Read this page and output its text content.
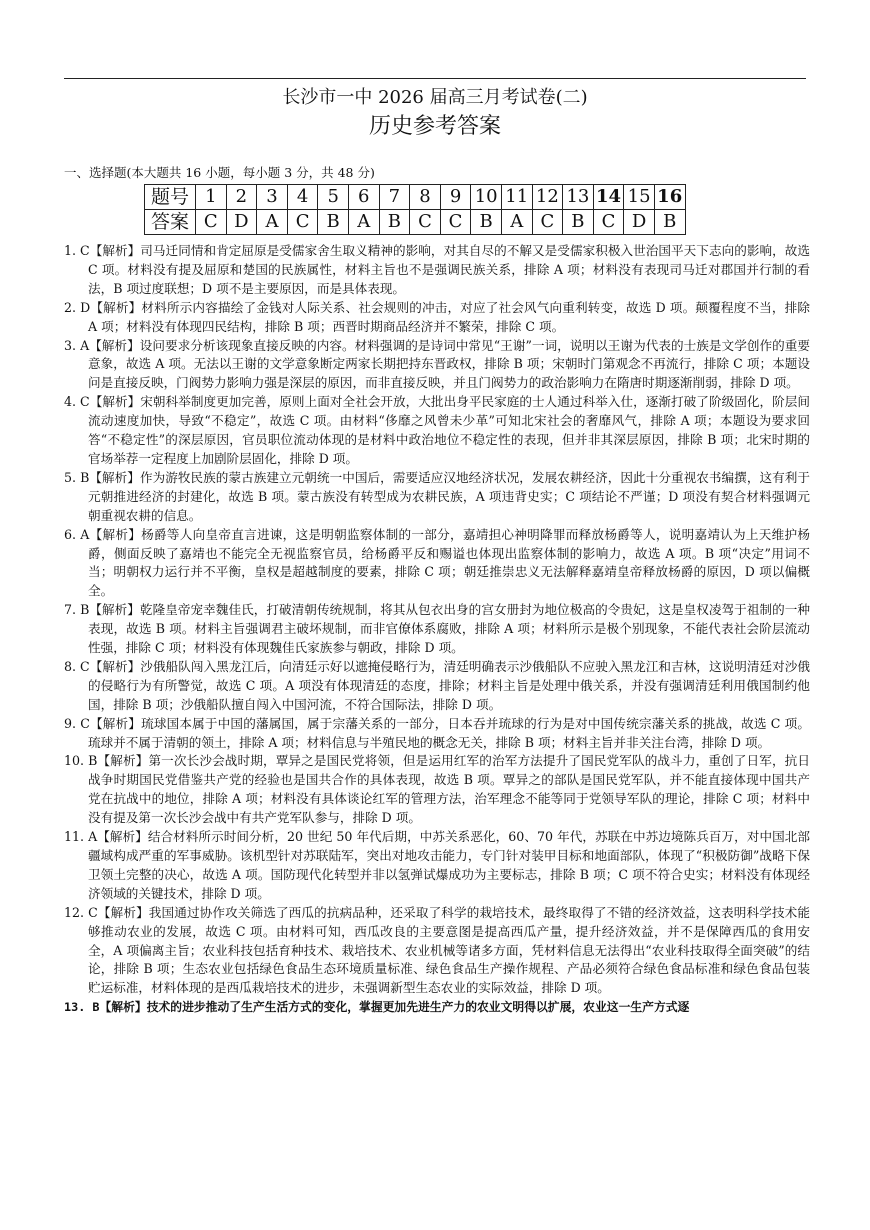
长沙市一中 2026 届高三月考试卷(二)
历史参考答案
一、选择题(本大题共 16 小题，每小题 3 分，共 48 分)
题号	1	2	3	4	5	6	7	8	9	10	11	12	13	14	15	16
答案	C	D	A	C	B	A	B	C	C	B	A	C	B	C	D	B

1. C【解析】司马迁同情和肯定屈原是受儒家舍生取义精神的影响，对其自尽的不解又是受儒家积极入世治国平天下志向的影响，故选 C 项。材料没有提及屈原和楚国的民族属性，材料主旨也不是强调民族关系，排除 A 项；材料没有表现司马迁对郡国并行制的看法，B 项过度联想；D 项不是主要原因，而是具体表现。

2. D【解析】材料所示内容描绘了金钱对人际关系、社会规则的冲击，对应了社会风气向重利转变，故选 D 项。颠覆程度不当，排除 A 项；材料没有体现四民结构，排除 B 项；西晋时期商品经济并不繁荣，排除 C 项。

3. A【解析】设问要求分析该现象直接反映的内容。材料强调的是诗词中常见“王谢”一词，说明以王谢为代表的士族是文学创作的重要意象，故选 A 项。无法以王谢的文学意象断定两家长期把持东晋政权，排除 B 项；宋朝时门第观念不再流行，排除 C 项；本题设问是直接反映，门阀势力影响力强是深层的原因，而非直接反映，并且门阀势力的政治影响力在隋唐时期逐渐削弱，排除 D 项。

4. C【解析】宋朝科举制度更加完善，原则上面对全社会开放，大批出身平民家庭的士人通过科举入仕，逐渐打破了阶级固化，阶层间流动速度加快，导致“不稳定”，故选 C 项。由材料“侈靡之风曾未少革”可知北宋社会的奢靡风气，排除 A 项；本题设为要求回答“不稳定性”的深层原因，官员职位流动体现的是材料中政治地位不稳定性的表现，但并非其深层原因，排除 B 项；北宋时期的官场举荐一定程度上加剧阶层固化，排除 D 项。

5. B【解析】作为游牧民族的蒙古族建立元朝统一中国后，需要适应汉地经济状况，发展农耕经济，因此十分重视农书编撰，这有利于元朝推进经济的封建化，故选 B 项。蒙古族没有转型成为农耕民族，A 项违背史实；C 项结论不严谨；D 项没有契合材料强调元朝重视农耕的信息。

6. A【解析】杨爵等人向皇帝直言进谏，这是明朝监察体制的一部分，嘉靖担心神明降罪而释放杨爵等人，说明嘉靖认为上天维护杨爵，侧面反映了嘉靖也不能完全无视监察官员，给杨爵平反和赐谥也体现出监察体制的影响力，故选 A 项。B 项“决定”用词不当；明朝权力运行并不平衡，皇权是超越制度的要素，排除 C 项；朝廷推崇忠义无法解释嘉靖皇帝释放杨爵的原因，D 项以偏概全。

7. B【解析】乾隆皇帝宠幸魏佳氏，打破清朝传统规制，将其从包衣出身的宫女册封为地位极高的令贵妃，这是皇权凌驾于祖制的一种表现，故选 B 项。材料主旨强调君主破坏规制，而非官僚体系腐败，排除 A 项；材料所示是极个别现象，不能代表社会阶层流动性强，排除 C 项；材料没有体现魏佳氏家族参与朝政，排除 D 项。

8. C【解析】沙俄船队闯入黑龙江后，向清廷示好以遮掩侵略行为，清廷明确表示沙俄船队不应驶入黑龙江和吉林，这说明清廷对沙俄的侵略行为有所警觉，故选 C 项。A 项没有体现清廷的态度，排除；材料主旨是处理中俄关系，并没有强调清廷利用俄国制约他国，排除 B 项；沙俄船队擅自闯入中国河流，不符合国际法，排除 D 项。

9. C【解析】琉球国本属于中国的藩属国，属于宗藩关系的一部分，日本吞并琉球的行为是对中国传统宗藩关系的挑战，故选 C 项。琉球并不属于清朝的领土，排除 A 项；材料信息与半殖民地的概念无关，排除 B 项；材料主旨并非关注台湾，排除 D 项。

10. B【解析】第一次长沙会战时期，覃异之是国民党将领，但是运用红军的治军方法提升了国民党军队的战斗力，重创了日军，抗日战争时期国民党借鉴共产党的经验也是国共合作的具体表现，故选 B 项。覃异之的部队是国民党军队，并不能直接体现中国共产党在抗战中的地位，排除 A 项；材料没有具体谈论红军的管理方法，治军理念不能等同于党领导军队的理论，排除 C 项；材料中没有提及第一次长沙会战中有共产党军队参与，排除 D 项。

11. A【解析】结合材料所示时间分析，20 世纪 50 年代后期，中苏关系恶化，60、70 年代，苏联在中苏边境陈兵百万，对中国北部疆域构成严重的军事威胁。该机型针对苏联陆军，突出对地攻击能力，专门针对装甲目标和地面部队，体现了“积极防御”战略下保卫领土完整的决心，故选 A 项。国防现代化转型并非以氢弹试爆成功为主要标志，排除 B 项；C 项不符合史实；材料没有体现经济领域的关键技术，排除 D 项。

12. C【解析】我国通过协作攻关筛选了西瓜的抗病品种，还采取了科学的栽培技术，最终取得了不错的经济效益，这表明科学技术能够推动农业的发展，故选 C 项。由材料可知，西瓜改良的主要意图是提高西瓜产量，提升经济效益，并不是保障西瓜的食用安全，A 项偏离主旨；农业科技包括育种技术、栽培技术、农业机械等诸多方面，凭材料信息无法得出“农业科技取得全面突破”的结论，排除 B 项；生态农业包括绿色食品生态环境质量标准、绿色食品生产操作规程、产品必须符合绿色食品标准和绿色食品包装贮运标准，材料体现的是西瓜栽培技术的进步，未强调新型生态农业的实际效益，排除 D 项。

13. B【解析】技术的进步推动了生产生活方式的变化，掌握更加先进生产力的农业文明得以扩展，农业这一生产方式逐
